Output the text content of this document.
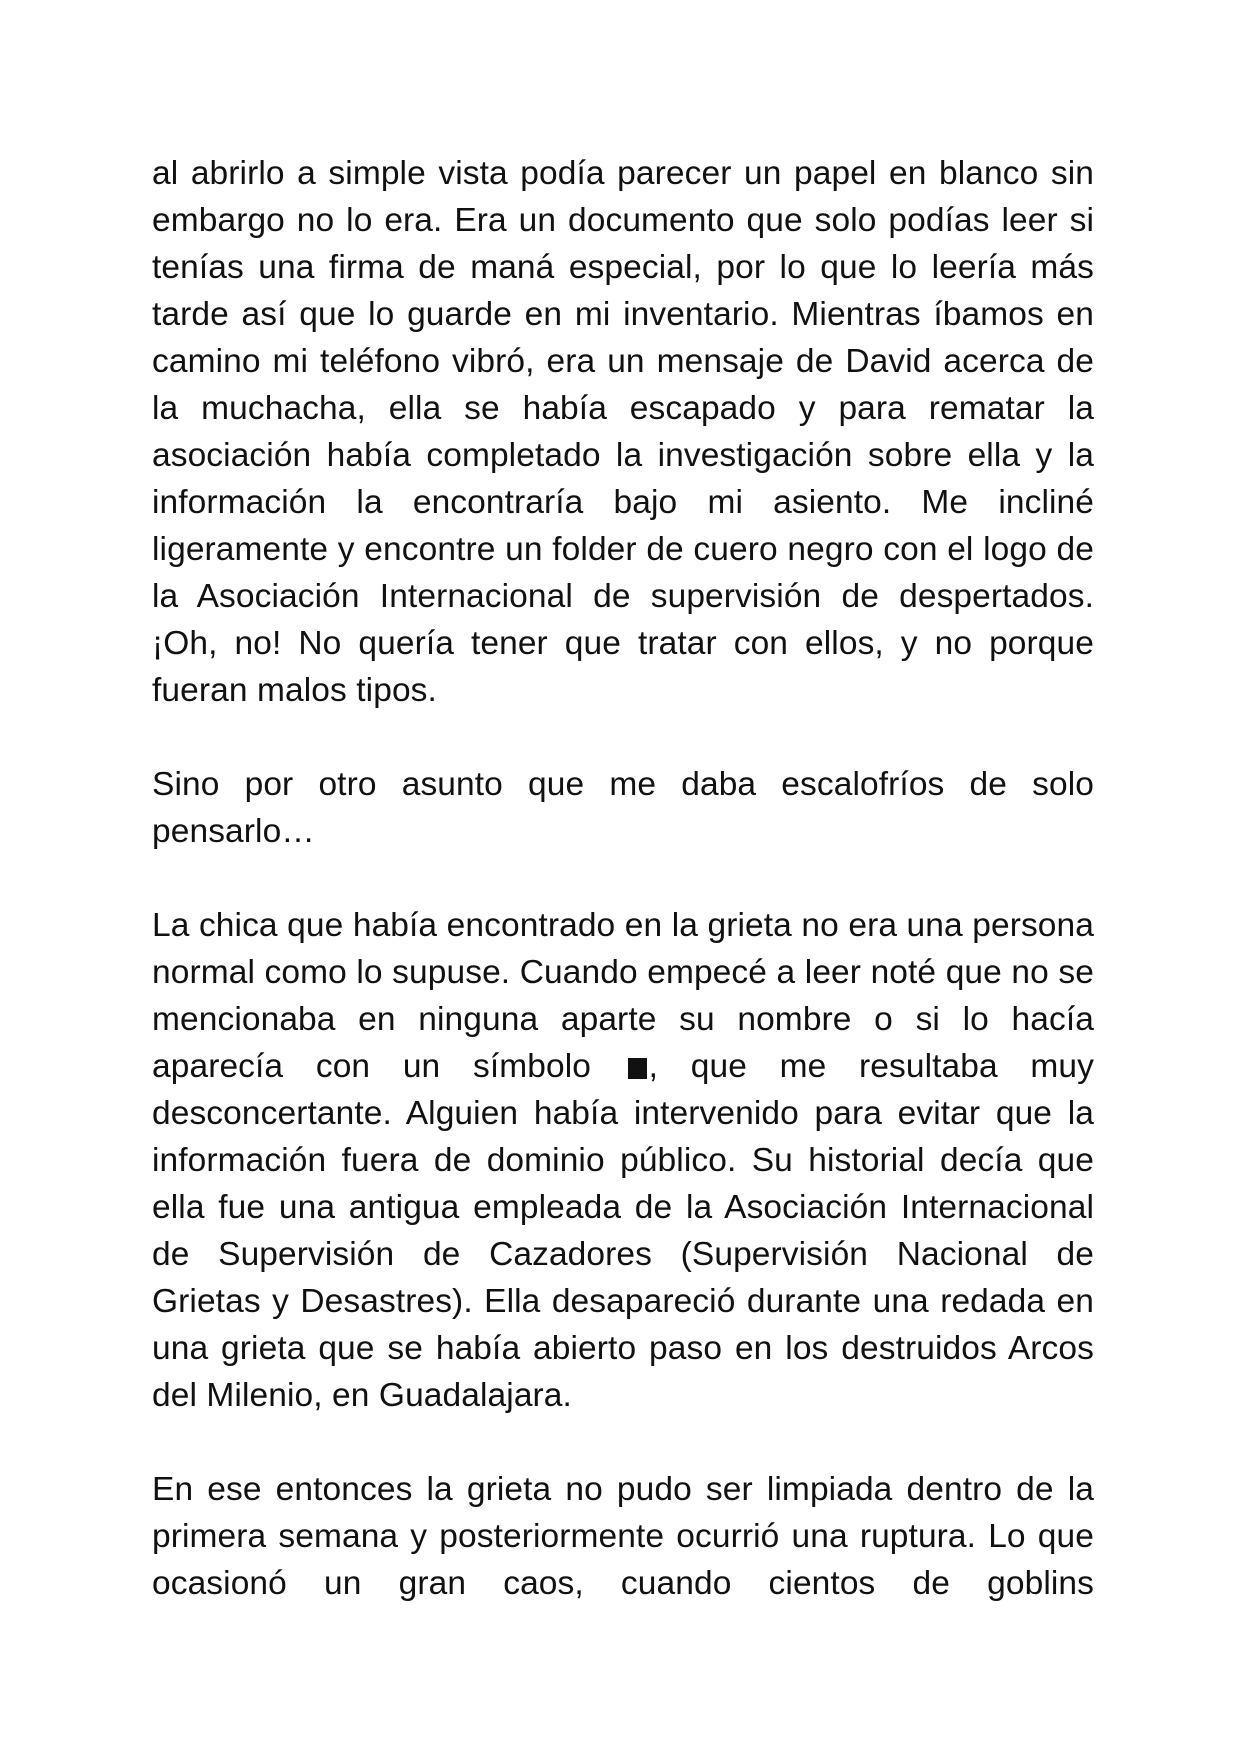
al abrirlo a simple vista podía parecer un papel en blanco sin embargo no lo era. Era un documento que solo podías leer si tenías una firma de maná especial, por lo que lo leería más tarde así que lo guarde en mi inventario. Mientras íbamos en camino mi teléfono vibró, era un mensaje de David acerca de la muchacha, ella se había escapado y para rematar la asociación había completado la investigación sobre ella y la información la encontraría bajo mi asiento. Me incliné ligeramente y encontre un folder de cuero negro con el logo de la Asociación Internacional de supervisión de despertados. ¡Oh, no! No quería tener que tratar con ellos, y no porque fueran malos tipos.

Sino por otro asunto que me daba escalofríos de solo pensarlo…

La chica que había encontrado en la grieta no era una persona normal como lo supuse. Cuando empecé a leer noté que no se mencionaba en ninguna aparte su nombre o si lo hacía aparecía con un símbolo , que me resultaba muy desconcertante. Alguien había intervenido para evitar que la información fuera de dominio público. Su historial decía que ella fue una antigua empleada de la Asociación Internacional de Supervisión de Cazadores (Supervisión Nacional de Grietas y Desastres). Ella desapareció durante una redada en una grieta que se había abierto paso en los destruidos Arcos del Milenio, en Guadalajara.

En ese entonces la grieta no pudo ser limpiada dentro de la primera semana y posteriormente ocurrió una ruptura. Lo que ocasionó un gran caos, cuando cientos de goblins
